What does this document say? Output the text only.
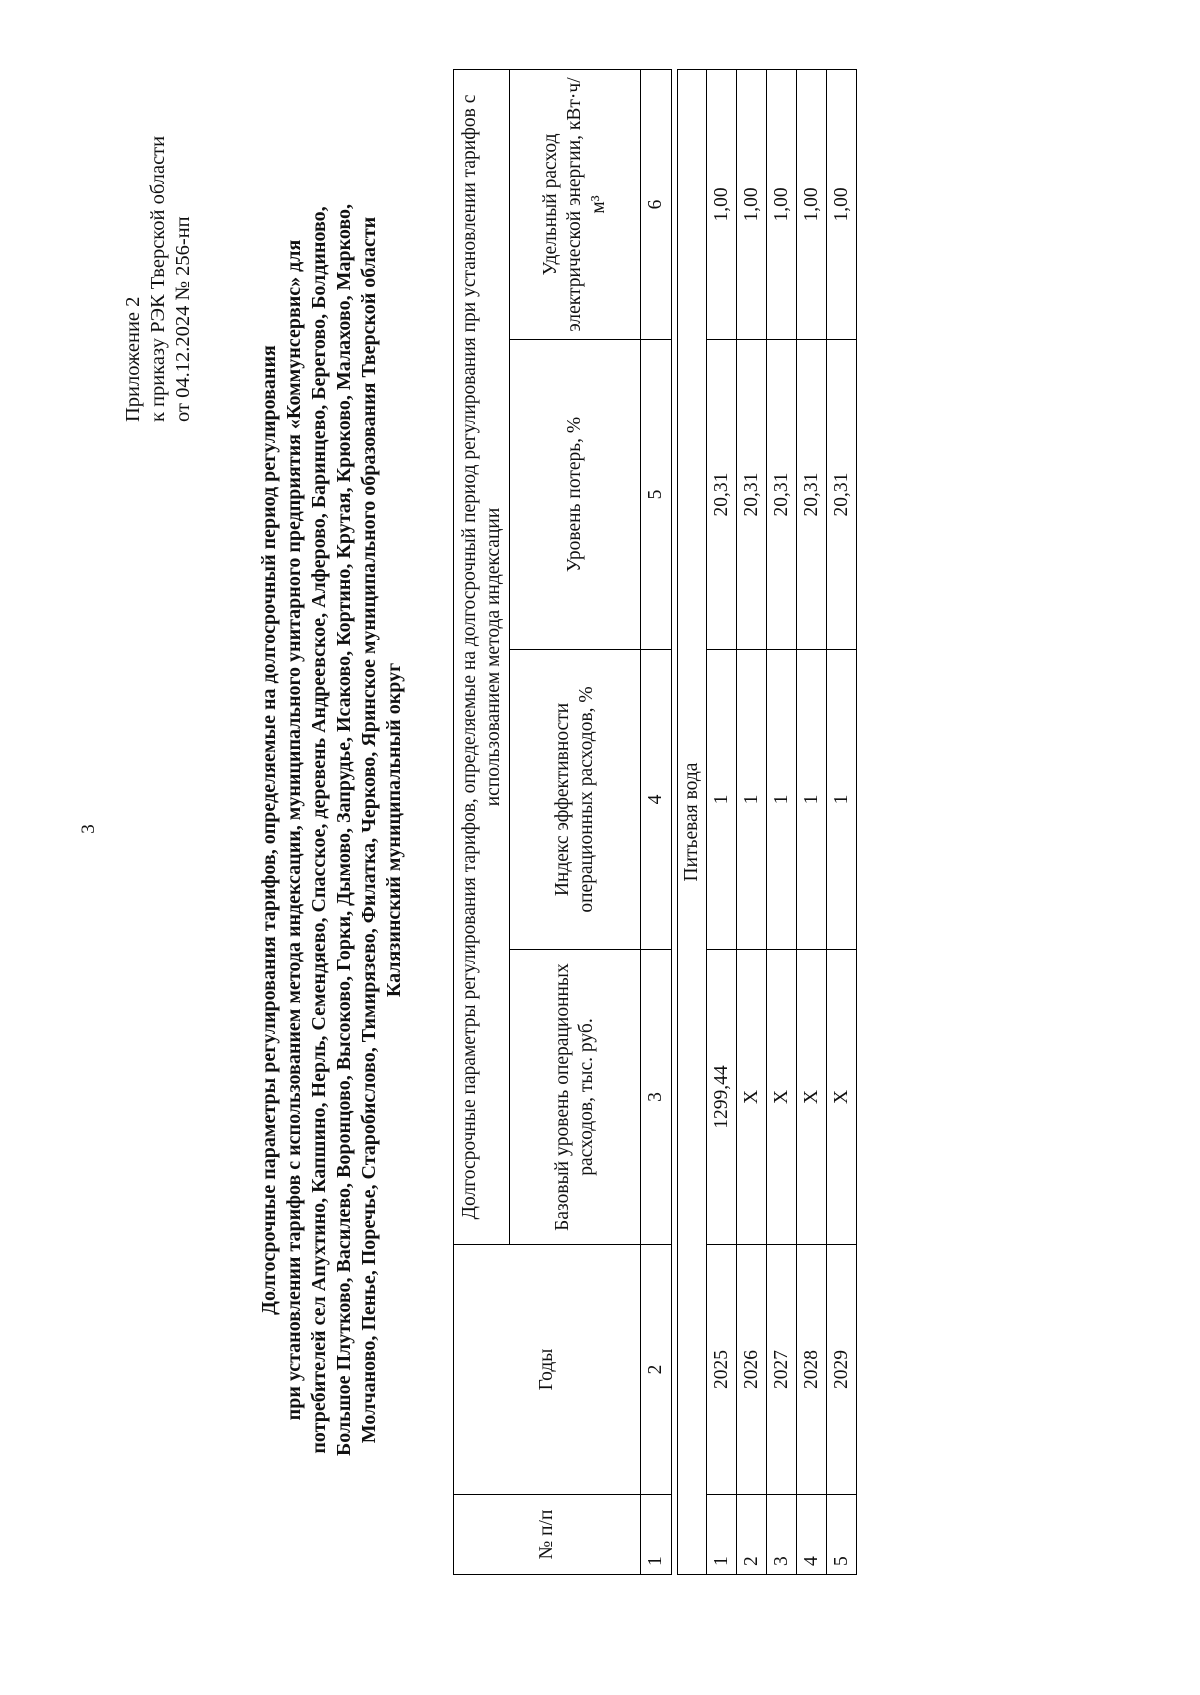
3
Приложение 2 к приказу РЭК Тверской области от 04.12.2024 № 256-нп
Долгосрочные параметры регулирования тарифов, определяемые на долгосрочный период регулирования при установлении тарифов с использованием метода индексации, муниципального унитарного предприятия «Коммунсервис» для потребителей сел Апухтино, Капшино, Нерль, Семендяево, Спасское, деревень Андреевское, Алферово, Баринцево, Берегово, Болдиново, Большое Плутково, Василево, Воронцово, Высоково, Горки, Дымово, Запрудье, Исаково, Кортино, Крутая, Крюково, Малахово, Марково, Молчаново, Пенье, Поречье, Старобислово, Тимирязево, Филатка, Черково, Яринское муниципального образования Тверской области Калязинский муниципальный округ
№ п/п	Годы	Долгосрочные параметры регулирования тарифов, определяемые на долгосрочный период регулирования при установлении тарифов с использованием метода индексации			
		Базовый уровень операционных расходов, тыс. руб.	Индекс эффективности операционных расходов, %	Уровень потерь, %	Удельный расход электрической энергии, кВт·ч/м³
1	2	3	4	5	6

Питьевая вода					
1	2025	1299,44	1	20,31	1,00
2	2026	Х	1	20,31	1,00
3	2027	Х	1	20,31	1,00
4	2028	Х	1	20,31	1,00
5	2029	Х	1	20,31	1,00
